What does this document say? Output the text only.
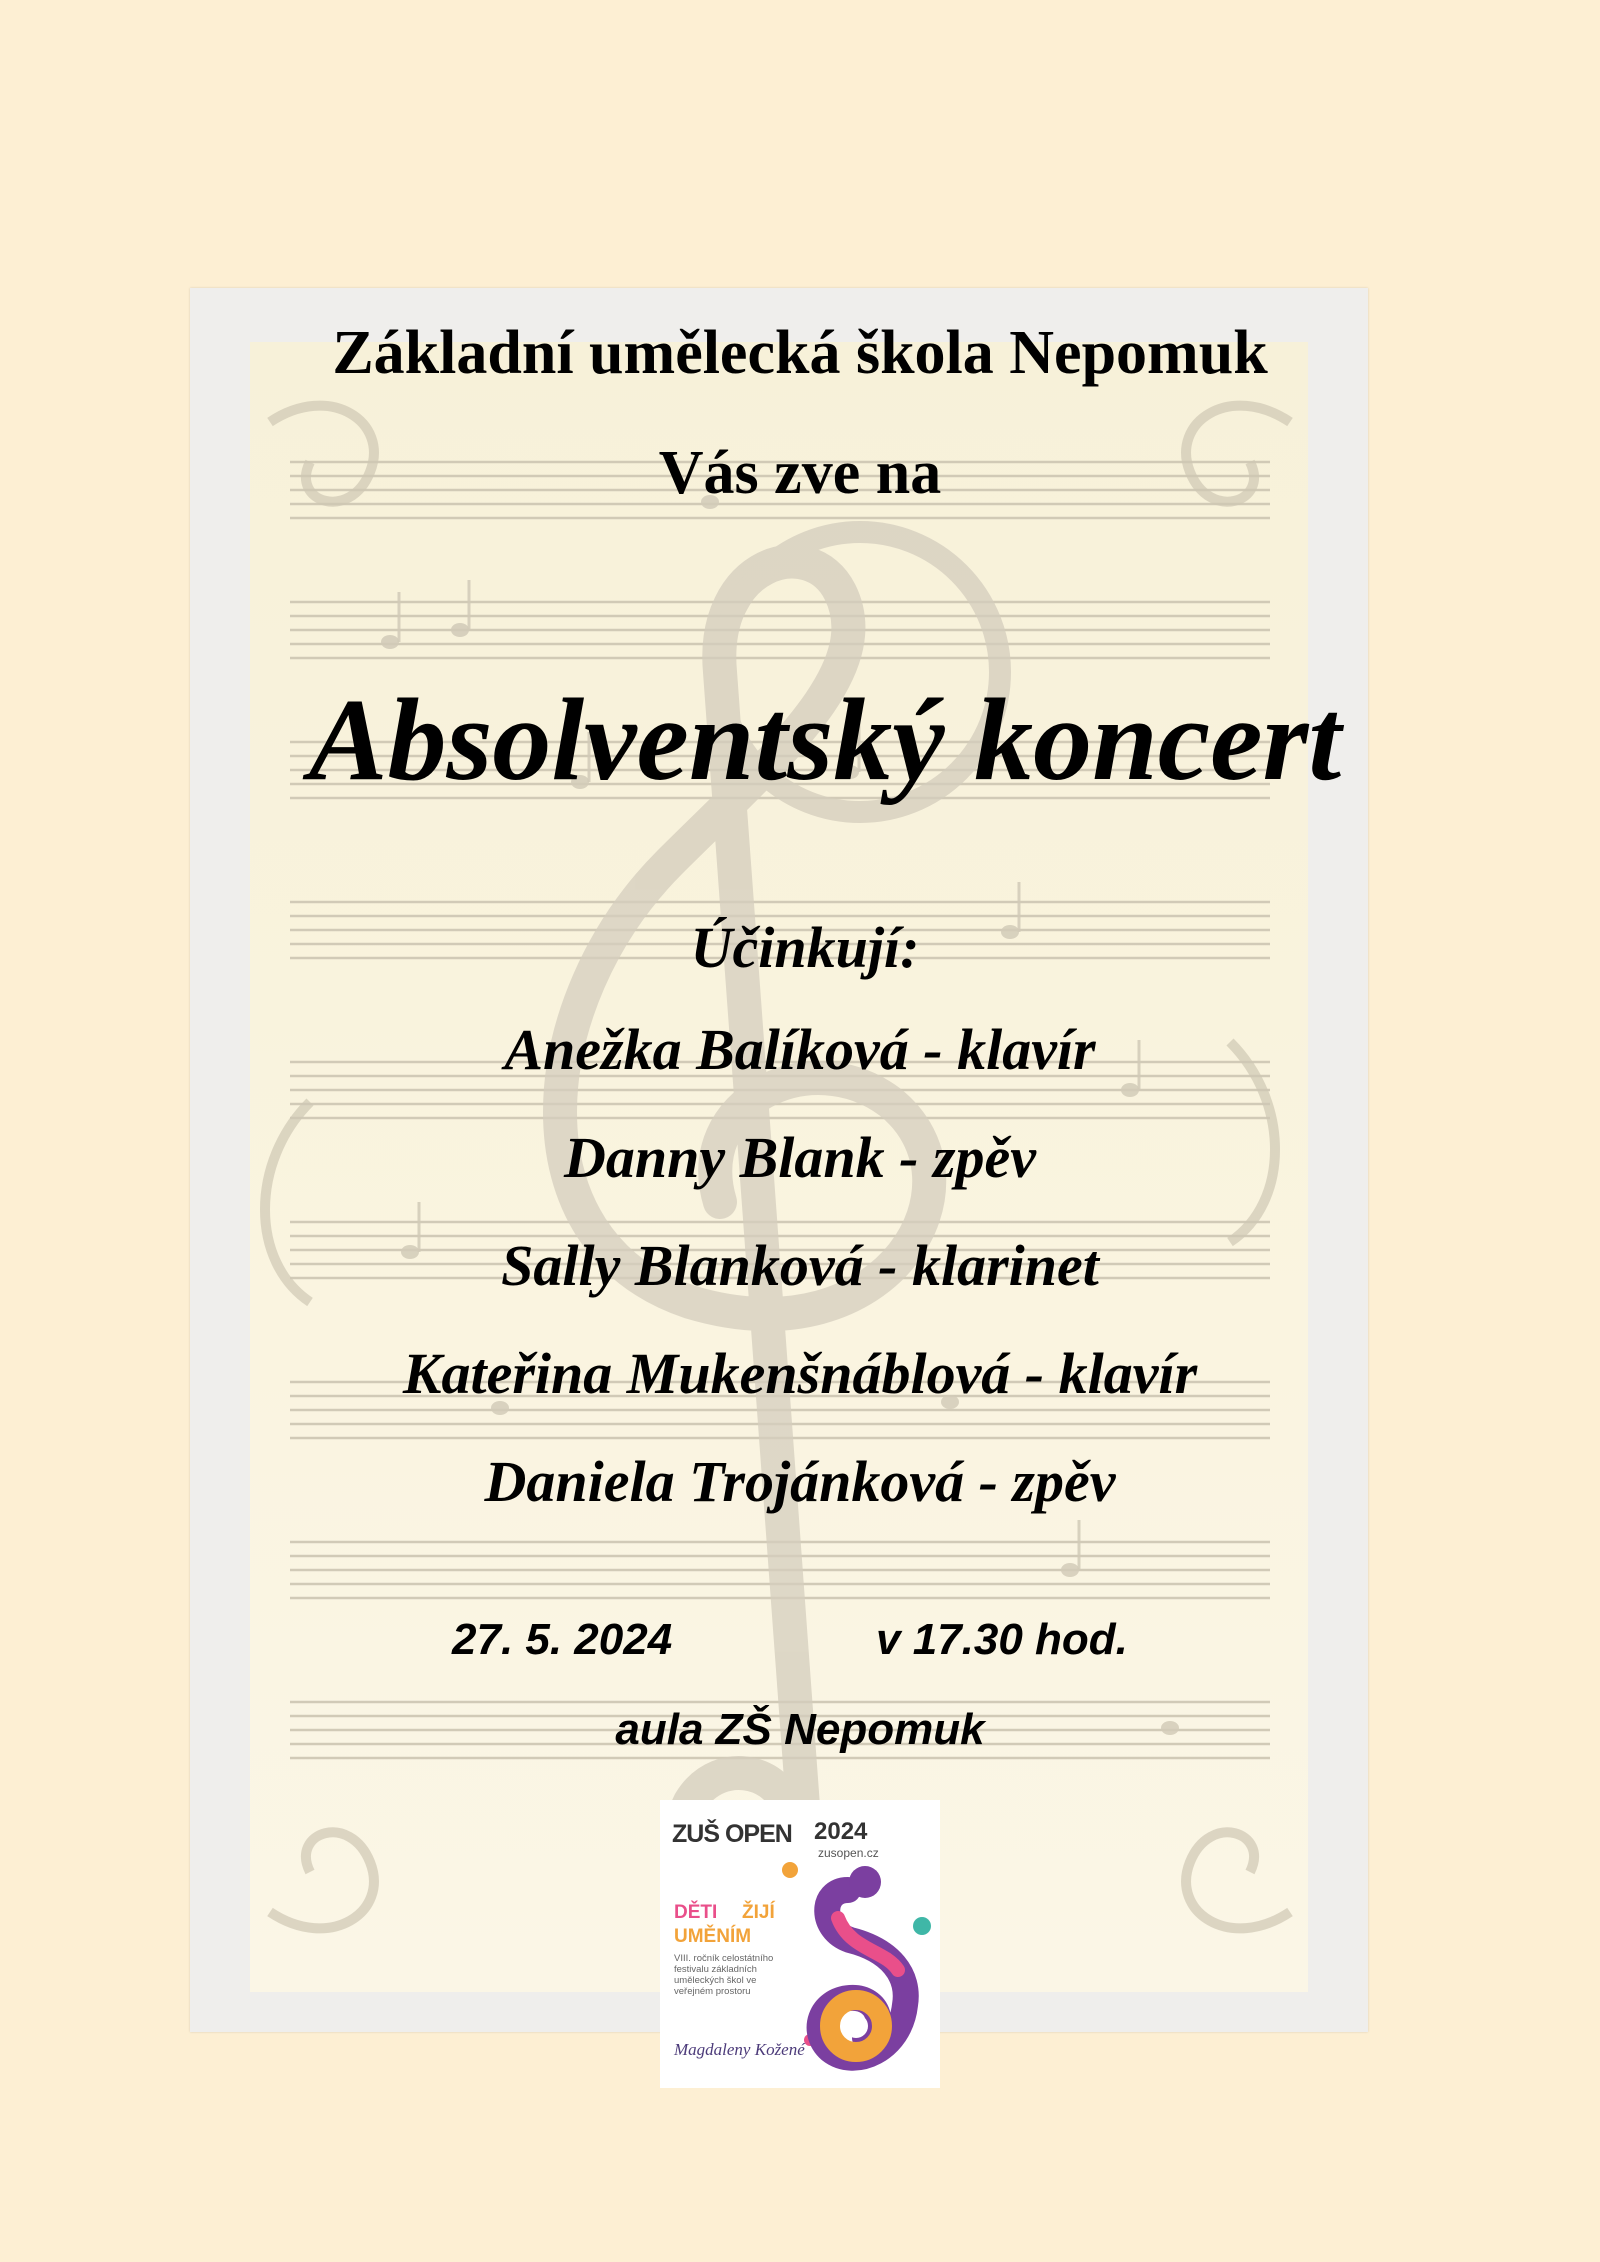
Základní umělecká škola Nepomuk

Vás zve na

Absolventský koncert

Účinkují:

Anežka Balíková - klavír

Danny Blank - zpěv

Sally Blanková - klarinet

Kateřina Mukenšnáblová - klavír

Daniela Trojánková - zpěv

27. 5. 2024	v 17.30 hod.

aula ZŠ Nepomuk

ZUŠ OPEN 2024

zusopen.cz

DĚTI ŽIJÍ

UMĚNÍM

VIII. ročník celostátního festivalu základních uměleckých škol ve veřejném prostoru

Magdaleny Kožené
